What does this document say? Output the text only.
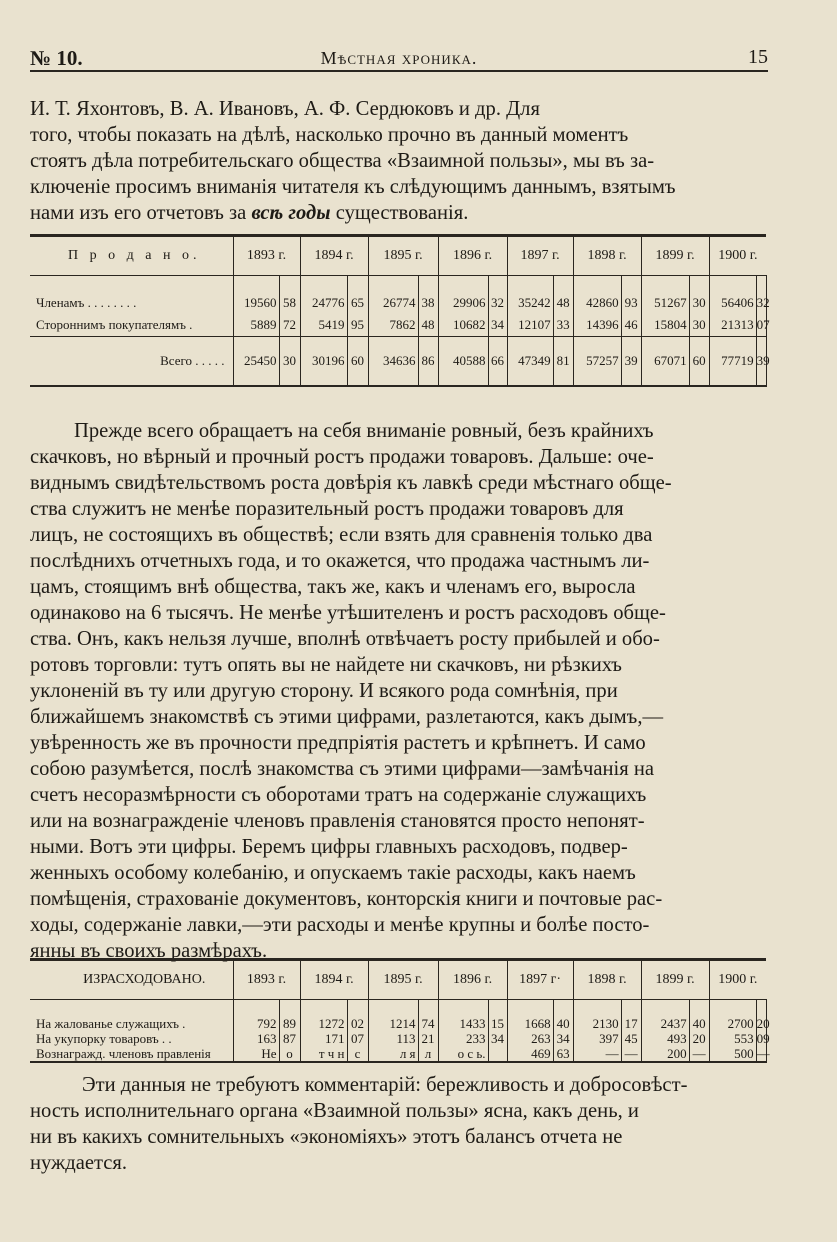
№ 10.	Мѣстная хроника.	15
И. Т. Яхонтовъ, В. А. Ивановъ, А. Ф. Сердюковъ и др. Для
того, чтобы показать на дѣлѣ, насколько прочно въ данный моментъ
стоятъ дѣла потребительскаго общества «Взаимной пользы», мы въ за-
ключеніе просимъ вниманія читателя къ слѣдующимъ даннымъ, взятымъ
нами изъ его отчетовъ за всѣ годы существованія.
П р о д а н о.	1893 г.		1894 г.		1895 г.		1896 г.		1897 г.		1898 г.		1899 г.		1900 г.		

Членамъ . . . . . . . .	19560	58	24776	65	26774	38	29906	32	35242	48	42860	93	51267	30	56406	32	
Стороннимъ покупателямъ .	5889	72	5419	95	7862	48	10682	34	12107	33	14396	46	15804	30	21313	07	
Всего . . . . .	25450	30	30196	60	34636	86	40588	66	47349	81	57257	39	67071	60	77719	39	
Прежде всего обращаетъ на себя вниманіе ровный, безъ крайнихъ
скачковъ, но вѣрный и прочный ростъ продажи товаровъ. Дальше: оче-
виднымъ свидѣтельствомъ роста довѣрія къ лавкѣ среди мѣстнаго обще-
ства служитъ не менѣе поразительный ростъ продажи товаровъ для
лицъ, не состоящихъ въ обществѣ; если взять для сравненія только два
послѣднихъ отчетныхъ года, и то окажется, что продажа частнымъ ли-
цамъ, стоящимъ внѣ общества, такъ же, какъ и членамъ его, выросла
одинаково на 6 тысячъ. Не менѣе утѣшителенъ и ростъ расходовъ обще-
ства. Онъ, какъ нельзя лучше, вполнѣ отвѣчаетъ росту прибылей и обо-
ротовъ торговли: тутъ опять вы не найдете ни скачковъ, ни рѣзкихъ
уклоненій въ ту или другую сторону. И всякого рода сомнѣнія, при
ближайшемъ знакомствѣ съ этими цифрами, разлетаются, какъ дымъ,—
увѣренность же въ прочности предпріятія растетъ и крѣпнетъ. И само
собою разумѣется, послѣ знакомства съ этими цифрами—замѣчанія на
счетъ несоразмѣрности съ оборотами тратъ на содержаніе служащихъ
или на вознагражденіе членовъ правленія становятся просто непонят-
ными. Вотъ эти цифры. Беремъ цифры главныхъ расходовъ, подвер-
женныхъ особому колебанію, и опускаемъ такіе расходы, какъ наемъ
помѣщенія, страхованіе документовъ, конторскія книги и почтовые рас-
ходы, содержаніе лавки,—эти расходы и менѣе крупны и болѣе посто-
янны въ своихъ размѣрахъ.
ИЗРАСХОДОВАНО.	1893 г.		1894 г.		1895 г.		1896 г.		1897 г·		1898 г.		1899 г.		1900 г.		

На жалованье служащихъ .	792	89	1272	02	1214	74	1433	15	1668	40	2130	17	2437	40	2700	20	
На укупорку товаровъ . .	163	87	171	07	113	21	233	34	263	34	397	45	493	20	553	09	
Вознагражд. членовъ правленія	Не	о	т ч н	с	л я	л	о с ь.		469	63	—	—	200	—	500	—	
Эти данныя не требуютъ комментарій: бережливость и добросовѣст-
ность исполнительнаго органа «Взаимной пользы» ясна, какъ день, и
ни въ какихъ сомнительныхъ «экономіяхъ» этотъ балансъ отчета не
нуждается.
